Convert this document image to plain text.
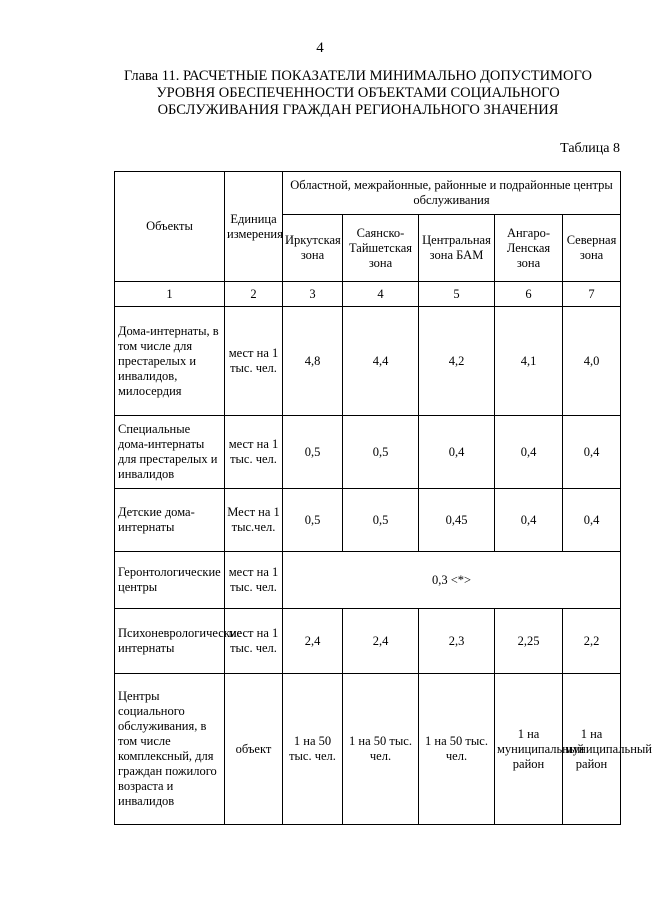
4
Глава 11. РАСЧЕТНЫЕ ПОКАЗАТЕЛИ МИНИМАЛЬНО ДОПУСТИМОГО УРОВНЯ ОБЕСПЕЧЕННОСТИ ОБЪЕКТАМИ СОЦИАЛЬНОГО ОБСЛУЖИВАНИЯ ГРАЖДАН РЕГИОНАЛЬНОГО ЗНАЧЕНИЯ
Таблица 8
Объекты	Единица измерения	Областной, межрайонные, районные и подрайонные центры обслуживания				
		Иркутская зона	Саянско-Тайшетская зона	Центральная зона БАМ	Ангаро-Ленская зона	Северная зона
1	2	3	4	5	6	7
Дома-интернаты, в том числе для престарелых и инвалидов, милосердия	мест на 1 тыс. чел.	4,8	4,4	4,2	4,1	4,0
Специальные дома-интернаты для престарелых и инвалидов	мест на 1 тыс. чел.	0,5	0,5	0,4	0,4	0,4
Детские дома-интернаты	Мест на 1 тыс.чел.	0,5	0,5	0,45	0,4	0,4
Геронтологические центры	мест на 1 тыс. чел.	0,3 <*>				
Психоневрологические интернаты	мест на 1 тыс. чел.	2,4	2,4	2,3	2,25	2,2
Центры социального обслуживания, в том числе комплексный, для граждан пожилого возраста и инвалидов	объект	1 на 50 тыс. чел.	1 на 50 тыс. чел.	1 на 50 тыс. чел.	1 на муниципальный район	1 на муниципальный район
